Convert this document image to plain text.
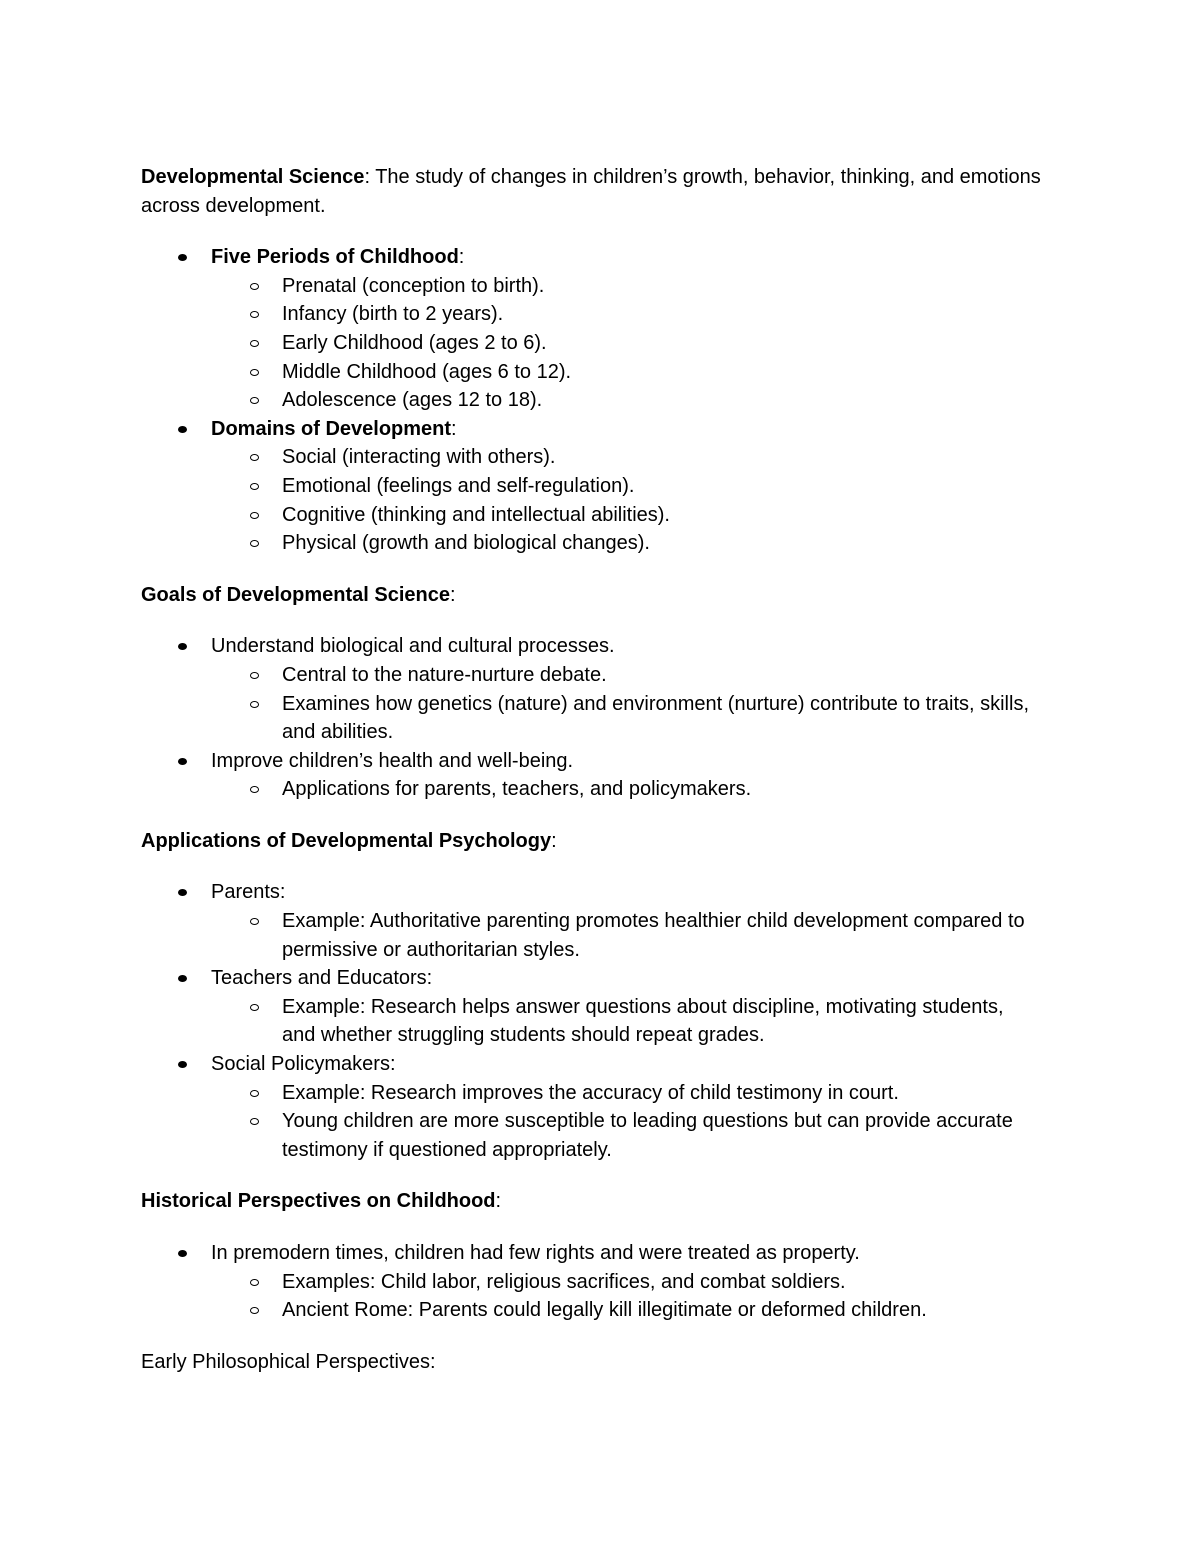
Developmental Science: The study of changes in children’s growth, behavior, thinking, and emotions across development.

Five Periods of Childhood:
Prenatal (conception to birth).
Infancy (birth to 2 years).
Early Childhood (ages 2 to 6).
Middle Childhood (ages 6 to 12).
Adolescence (ages 12 to 18).
Domains of Development:
Social (interacting with others).
Emotional (feelings and self-regulation).
Cognitive (thinking and intellectual abilities).
Physical (growth and biological changes).

Goals of Developmental Science:

Understand biological and cultural processes.
Central to the nature-nurture debate.
Examines how genetics (nature) and environment (nurture) contribute to traits, skills, and abilities.
Improve children’s health and well-being.
Applications for parents, teachers, and policymakers.

Applications of Developmental Psychology:

Parents:
Example: Authoritative parenting promotes healthier child development compared to permissive or authoritarian styles.
Teachers and Educators:
Example: Research helps answer questions about discipline, motivating students, and whether struggling students should repeat grades.
Social Policymakers:
Example: Research improves the accuracy of child testimony in court.
Young children are more susceptible to leading questions but can provide accurate testimony if questioned appropriately.

Historical Perspectives on Childhood:

In premodern times, children had few rights and were treated as property.
Examples: Child labor, religious sacrifices, and combat soldiers.
Ancient Rome: Parents could legally kill illegitimate or deformed children.

Early Philosophical Perspectives:
